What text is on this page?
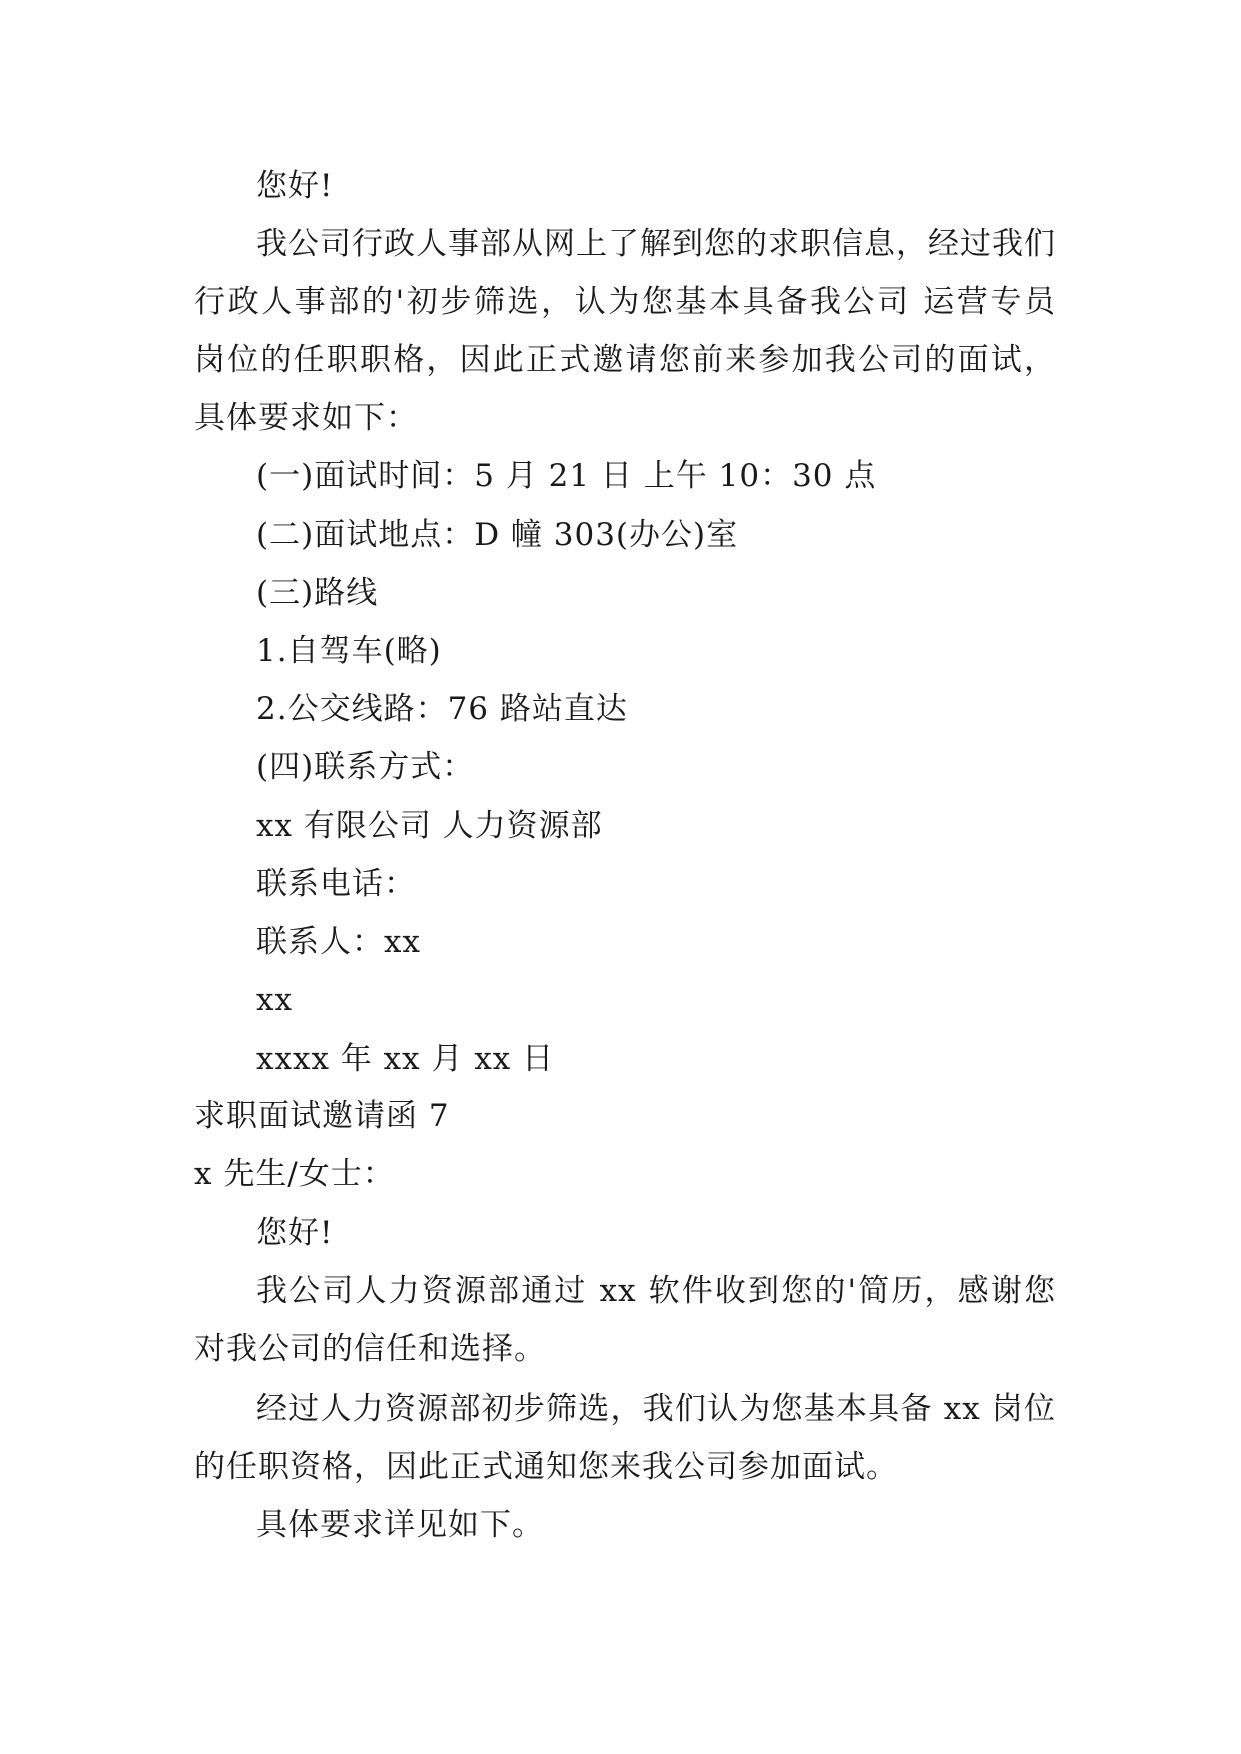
您好!
我公司行政人事部从网上了解到您的求职信息，经过我们行政人事部的'初步筛选，认为您基本具备我公司 运营专员 岗位的任职职格，因此正式邀请您前来参加我公司的面试，具体要求如下：
(一)面试时间：5 月 21 日 上午 10：30 点
(二)面试地点：D 幢 303(办公)室
(三)路线
1.自驾车(略)
2.公交线路：76 路站直达
(四)联系方式：
xx 有限公司 人力资源部
联系电话：
联系人：xx
xx
xxxx 年 xx 月 xx 日
求职面试邀请函 7
x 先生/女士：
您好!
我公司人力资源部通过 xx 软件收到您的'简历，感谢您对我公司的信任和选择。
经过人力资源部初步筛选，我们认为您基本具备 xx 岗位的任职资格，因此正式通知您来我公司参加面试。
具体要求详见如下。
